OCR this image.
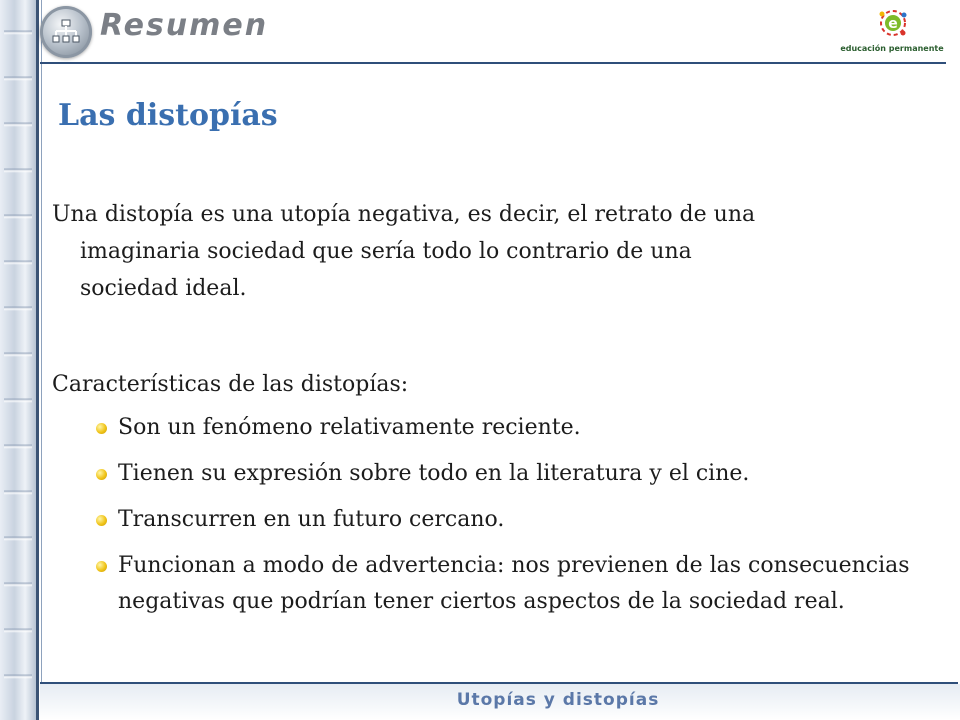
Resumen	e
educación permanente
Las distopías
Una distopía es una utopía negativa, es decir, el retrato de una imaginaria sociedad que sería todo lo contrario de una sociedad ideal.
Características de las distopías:
Son un fenómeno relativamente reciente.
Tienen su expresión sobre todo en la literatura y el cine.
Transcurren en un futuro cercano.
Funcionan a modo de advertencia: nos previenen de las consecuencias negativas que podrían tener ciertos aspectos de la sociedad real.
Utopías y distopías
